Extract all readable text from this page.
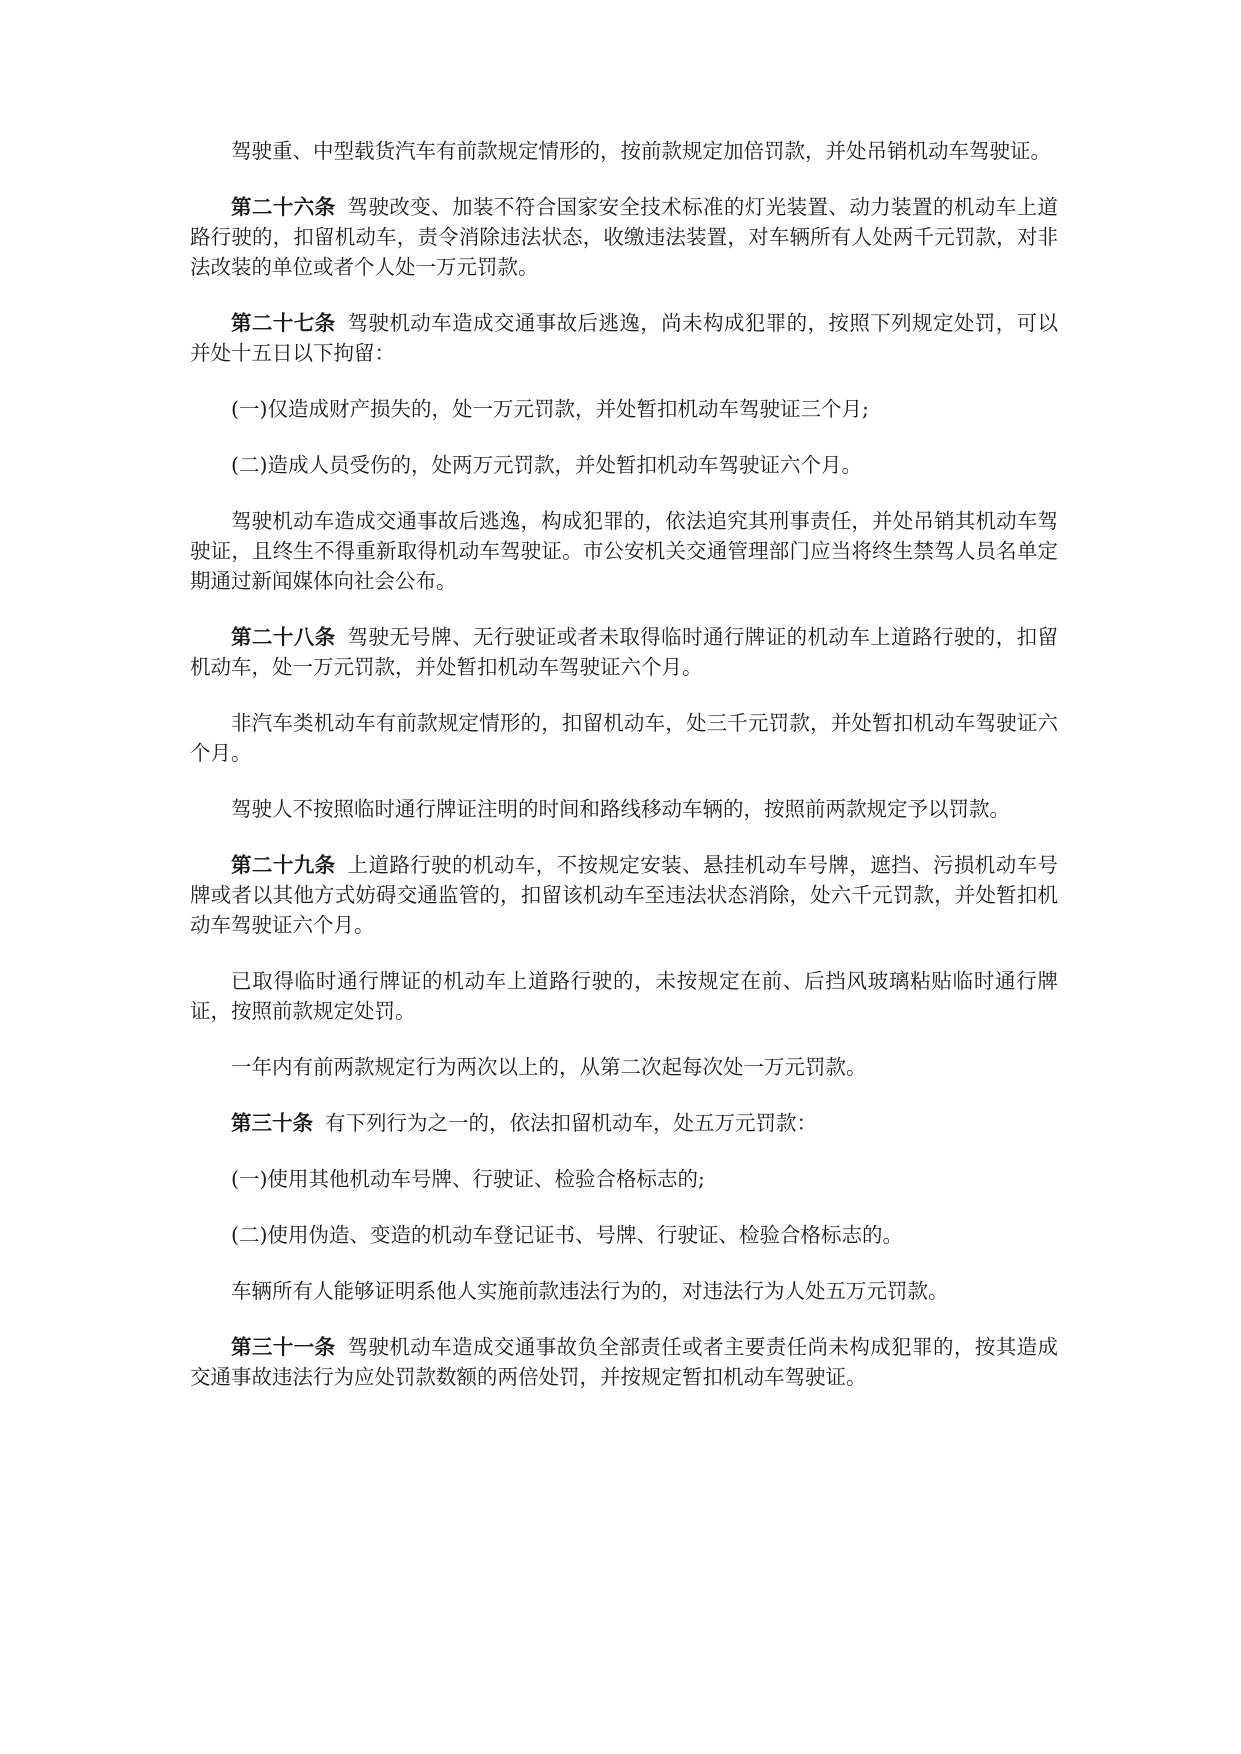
驾驶重、中型载货汽车有前款规定情形的，按前款规定加倍罚款，并处吊销机动车驾驶证。

第二十六条 驾驶改变、加装不符合国家安全技术标准的灯光装置、动力装置的机动车上道路行驶的，扣留机动车，责令消除违法状态，收缴违法装置，对车辆所有人处两千元罚款，对非法改装的单位或者个人处一万元罚款。

第二十七条 驾驶机动车造成交通事故后逃逸，尚未构成犯罪的，按照下列规定处罚，可以并处十五日以下拘留：

(一)仅造成财产损失的，处一万元罚款，并处暂扣机动车驾驶证三个月;

(二)造成人员受伤的，处两万元罚款，并处暂扣机动车驾驶证六个月。

驾驶机动车造成交通事故后逃逸，构成犯罪的，依法追究其刑事责任，并处吊销其机动车驾驶证，且终生不得重新取得机动车驾驶证。市公安机关交通管理部门应当将终生禁驾人员名单定期通过新闻媒体向社会公布。

第二十八条 驾驶无号牌、无行驶证或者未取得临时通行牌证的机动车上道路行驶的，扣留机动车，处一万元罚款，并处暂扣机动车驾驶证六个月。

非汽车类机动车有前款规定情形的，扣留机动车，处三千元罚款，并处暂扣机动车驾驶证六个月。

驾驶人不按照临时通行牌证注明的时间和路线移动车辆的，按照前两款规定予以罚款。

第二十九条 上道路行驶的机动车，不按规定安装、悬挂机动车号牌，遮挡、污损机动车号牌或者以其他方式妨碍交通监管的，扣留该机动车至违法状态消除，处六千元罚款，并处暂扣机动车驾驶证六个月。

已取得临时通行牌证的机动车上道路行驶的，未按规定在前、后挡风玻璃粘贴临时通行牌证，按照前款规定处罚。

一年内有前两款规定行为两次以上的，从第二次起每次处一万元罚款。

第三十条 有下列行为之一的，依法扣留机动车，处五万元罚款：

(一)使用其他机动车号牌、行驶证、检验合格标志的;

(二)使用伪造、变造的机动车登记证书、号牌、行驶证、检验合格标志的。

车辆所有人能够证明系他人实施前款违法行为的，对违法行为人处五万元罚款。

第三十一条 驾驶机动车造成交通事故负全部责任或者主要责任尚未构成犯罪的，按其造成交通事故违法行为应处罚款数额的两倍处罚，并按规定暂扣机动车驾驶证。
